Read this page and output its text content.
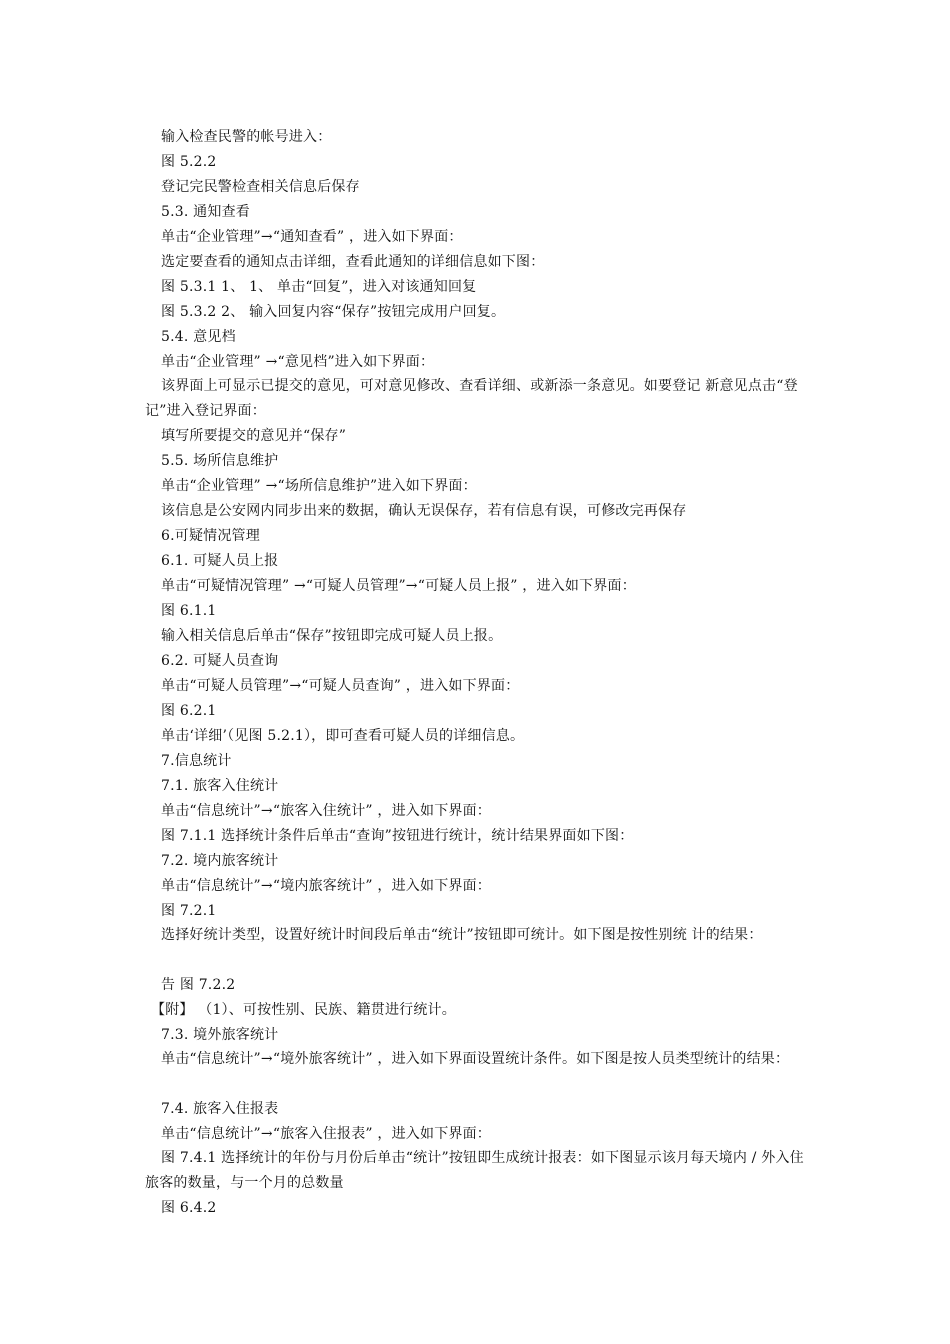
输入检查民警的帐号进入：
图 5.2.2
登记完民警检查相关信息后保存
5.3. 通知查看
单击“企业管理”→“通知查看” ，进入如下界面：
选定要查看的通知点击详细，查看此通知的详细信息如下图：
图 5.3.1 1、 1、 单击“回复”，进入对该通知回复
图 5.3.2 2、 输入回复内容“保存”按钮完成用户回复。
5.4. 意见档
单击“企业管理” →“意见档”进入如下界面：
该界面上可显示已提交的意见，可对意见修改、查看详细、或新添一条意见。如要登记 新意见点击“登记”进入登记界面：
填写所要提交的意见并“保存”
5.5. 场所信息维护
单击“企业管理” →“场所信息维护”进入如下界面：
该信息是公安网内同步出来的数据，确认无误保存，若有信息有误，可修改完再保存
6.可疑情况管理
6.1. 可疑人员上报
单击“可疑情况管理” →“可疑人员管理”→“可疑人员上报” ，进入如下界面：
图 6.1.1
输入相关信息后单击“保存”按钮即完成可疑人员上报。
6.2. 可疑人员查询
单击“可疑人员管理”→“可疑人员查询” ，进入如下界面：
图 6.2.1
单击‘详细’（见图 5.2.1），即可查看可疑人员的详细信息。
7.信息统计
7.1. 旅客入住统计
单击“信息统计”→“旅客入住统计” ，进入如下界面：
图 7.1.1 选择统计条件后单击“查询”按钮进行统计，统计结果界面如下图：
7.2. 境内旅客统计
单击“信息统计”→“境内旅客统计” ，进入如下界面：
图 7.2.1
选择好统计类型，设置好统计时间段后单击“统计”按钮即可统计。如下图是按性别统 计的结果：
告 图 7.2.2
【附】 （1）、可按性别、民族、籍贯进行统计。
7.3. 境外旅客统计
单击“信息统计”→“境外旅客统计” ，进入如下界面设置统计条件。如下图是按人员类型统计的结果：
7.4. 旅客入住报表
单击“信息统计”→“旅客入住报表” ，进入如下界面：
图 7.4.1 选择统计的年份与月份后单击“统计”按钮即生成统计报表：如下图显示该月每天境内 / 外入住旅客的数量，与一个月的总数量
图 6.4.2
